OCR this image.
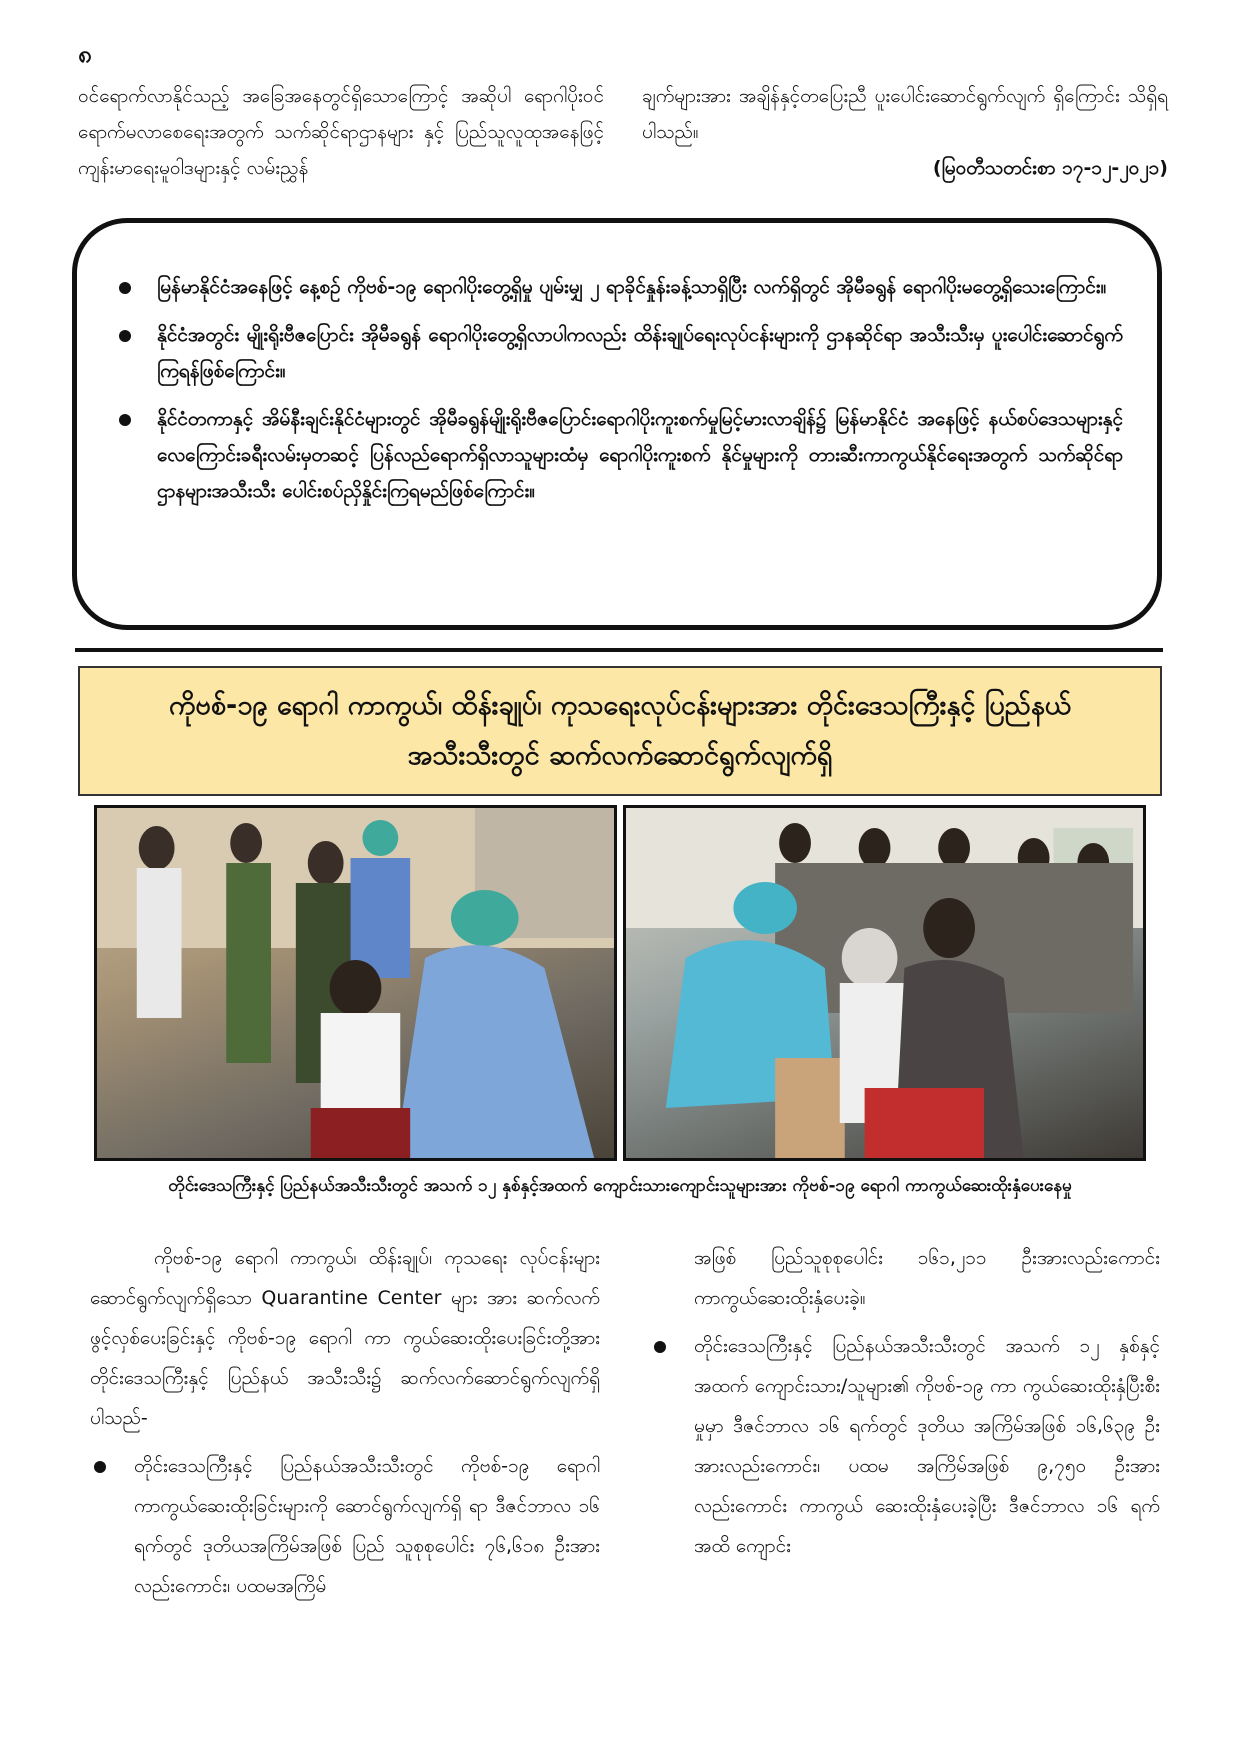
၈

ဝင်ရောက်လာနိုင်သည့် အခြေအနေတွင်ရှိသောကြောင့် အဆိုပါ ရောဂါပိုးဝင်ရောက်မလာစေရေးအတွက် သက်ဆိုင်ရာဌာနများ နှင့် ပြည်သူလူထုအနေဖြင့် ကျန်းမာရေးမူဝါဒများနှင့် လမ်းညွှန်

ချက်များအား အချိန်နှင့်တပြေးညီ ပူးပေါင်းဆောင်ရွက်လျက် ရှိကြောင်း သိရှိရပါသည်။

(မြဝတီသတင်းစာ ၁၇-၁၂-၂၀၂၁)

မြန်မာနိုင်ငံအနေဖြင့် နေ့စဉ် ကိုဗစ်-၁၉ ရောဂါပိုးတွေ့ရှိမှု ပျမ်းမျှ ၂ ရာခိုင်နှုန်းခန့်သာရှိပြီး လက်ရှိတွင် အိုမီခရွန် ရောဂါပိုးမတွေ့ရှိသေးကြောင်း။
နိုင်ငံအတွင်း မျိုးရိုးဗီဇပြောင်း အိုမီခရွန် ရောဂါပိုးတွေ့ရှိလာပါကလည်း ထိန်းချုပ်ရေးလုပ်ငန်းများကို ဌာနဆိုင်ရာ အသီးသီးမှ ပူးပေါင်းဆောင်ရွက်ကြရန်ဖြစ်ကြောင်း။
နိုင်ငံတကာနှင့် အိမ်နီးချင်းနိုင်ငံများတွင် အိုမီခရွန်မျိုးရိုးဗီဇပြောင်းရောဂါပိုးကူးစက်မှုမြင့်မားလာချိန်၌ မြန်မာနိုင်ငံ အနေဖြင့် နယ်စပ်ဒေသများနှင့် လေကြောင်းခရီးလမ်းမှတဆင့် ပြန်လည်ရောက်ရှိလာသူများထံမှ ရောဂါပိုးကူးစက် နိုင်မှုများကို တားဆီးကာကွယ်နိုင်ရေးအတွက် သက်ဆိုင်ရာဌာနများအသီးသီး ပေါင်းစပ်ညှိနှိုင်းကြရမည်ဖြစ်ကြောင်း။
ကိုဗစ်-၁၉ ရောဂါ ကာကွယ်၊ ထိန်းချုပ်၊ ကုသရေးလုပ်ငန်းများအား တိုင်းဒေသကြီးနှင့် ပြည်နယ်အသီးသီးတွင် ဆက်လက်ဆောင်ရွက်လျက်ရှိ
တိုင်းဒေသကြီးနှင့် ပြည်နယ်အသီးသီးတွင် အသက် ၁၂ နှစ်နှင့်အထက် ကျောင်းသားကျောင်းသူများအား ကိုဗစ်-၁၉ ရောဂါ ကာကွယ်ဆေးထိုးနှံပေးနေမှု

ကိုဗစ်-၁၉ ရောဂါ ကာကွယ်၊ ထိန်းချုပ်၊ ကုသရေး လုပ်ငန်းများ ဆောင်ရွက်လျက်ရှိသော Quarantine Center များ အား ဆက်လက်ဖွင့်လှစ်ပေးခြင်းနှင့် ကိုဗစ်-၁၉ ရောဂါ ကာ ကွယ်ဆေးထိုးပေးခြင်းတို့အား တိုင်းဒေသကြီးနှင့် ပြည်နယ် အသီးသီး၌ ဆက်လက်ဆောင်ရွက်လျက်ရှိပါသည်-

တိုင်းဒေသကြီးနှင့် ပြည်နယ်အသီးသီးတွင် ကိုဗစ်-၁၉ ရောဂါ ကာကွယ်ဆေးထိုးခြင်းများကို ဆောင်ရွက်လျက်ရှိ ရာ ဒီဇင်ဘာလ ၁၆ ရက်တွင် ဒုတိယအကြိမ်အဖြစ် ပြည် သူစုစုပေါင်း ၇၆,၆၁၈ ဦးအားလည်းကောင်း၊ ပထမအကြိမ်

အဖြစ် ပြည်သူစုစုပေါင်း ၁၆၁,၂၁၁ ဦးအားလည်းကောင်း ကာကွယ်ဆေးထိုးနှံပေးခဲ့။

တိုင်းဒေသကြီးနှင့် ပြည်နယ်အသီးသီးတွင် အသက် ၁၂ နှစ်နှင့်အထက် ကျောင်းသား/သူများ၏ ကိုဗစ်-၁၉ ကာ ကွယ်ဆေးထိုးနှံပြီးစီးမှုမှာ ဒီဇင်ဘာလ ၁၆ ရက်တွင် ဒုတိယ အကြိမ်အဖြစ် ၁၆,၆၃၉ ဦးအားလည်းကောင်း၊ ပထမ အကြိမ်အဖြစ် ၉,၇၅၀ ဦးအားလည်းကောင်း ကာကွယ် ဆေးထိုးနှံပေးခဲ့ပြီး ဒီဇင်ဘာလ ၁၆ ရက်အထိ ကျောင်း
